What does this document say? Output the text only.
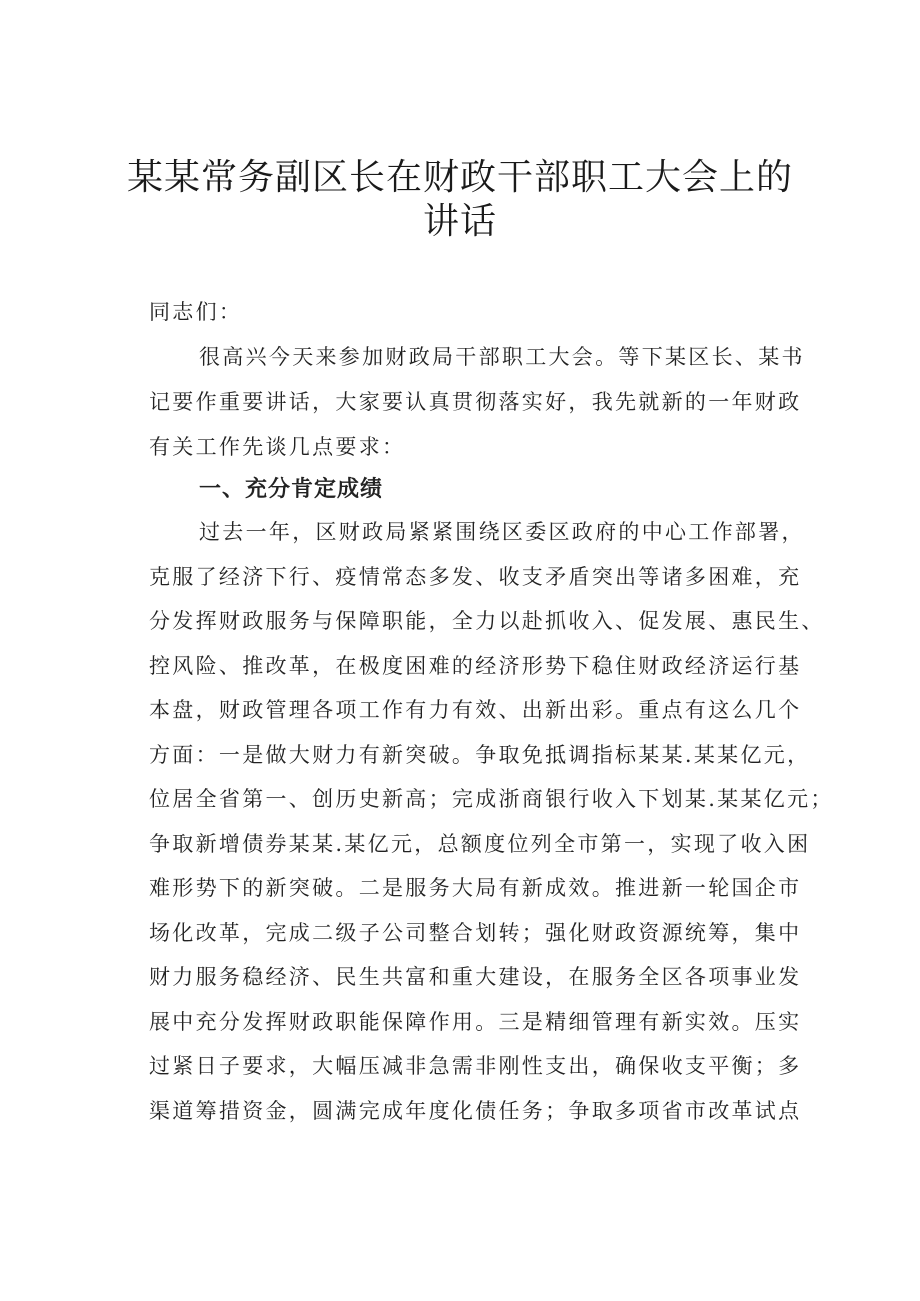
某某常务副区长在财政干部职工大会上的
讲话
同志们：
很高兴今天来参加财政局干部职工大会。等下某区长、某书
记要作重要讲话，大家要认真贯彻落实好，我先就新的一年财政
有关工作先谈几点要求：
一、充分肯定成绩
过去一年，区财政局紧紧围绕区委区政府的中心工作部署，
克服了经济下行、疫情常态多发、收支矛盾突出等诸多困难，充
分发挥财政服务与保障职能，全力以赴抓收入、促发展、惠民生、
控风险、推改革，在极度困难的经济形势下稳住财政经济运行基
本盘，财政管理各项工作有力有效、出新出彩。重点有这么几个
方面：一是做大财力有新突破。争取免抵调指标某某.某某亿元，
位居全省第一、创历史新高；完成浙商银行收入下划某.某某亿元；
争取新增债券某某.某亿元，总额度位列全市第一，实现了收入困
难形势下的新突破。二是服务大局有新成效。推进新一轮国企市
场化改革，完成二级子公司整合划转；强化财政资源统筹，集中
财力服务稳经济、民生共富和重大建设，在服务全区各项事业发
展中充分发挥财政职能保障作用。三是精细管理有新实效。压实
过紧日子要求，大幅压减非急需非刚性支出，确保收支平衡；多
渠道筹措资金，圆满完成年度化债任务；争取多项省市改革试点
